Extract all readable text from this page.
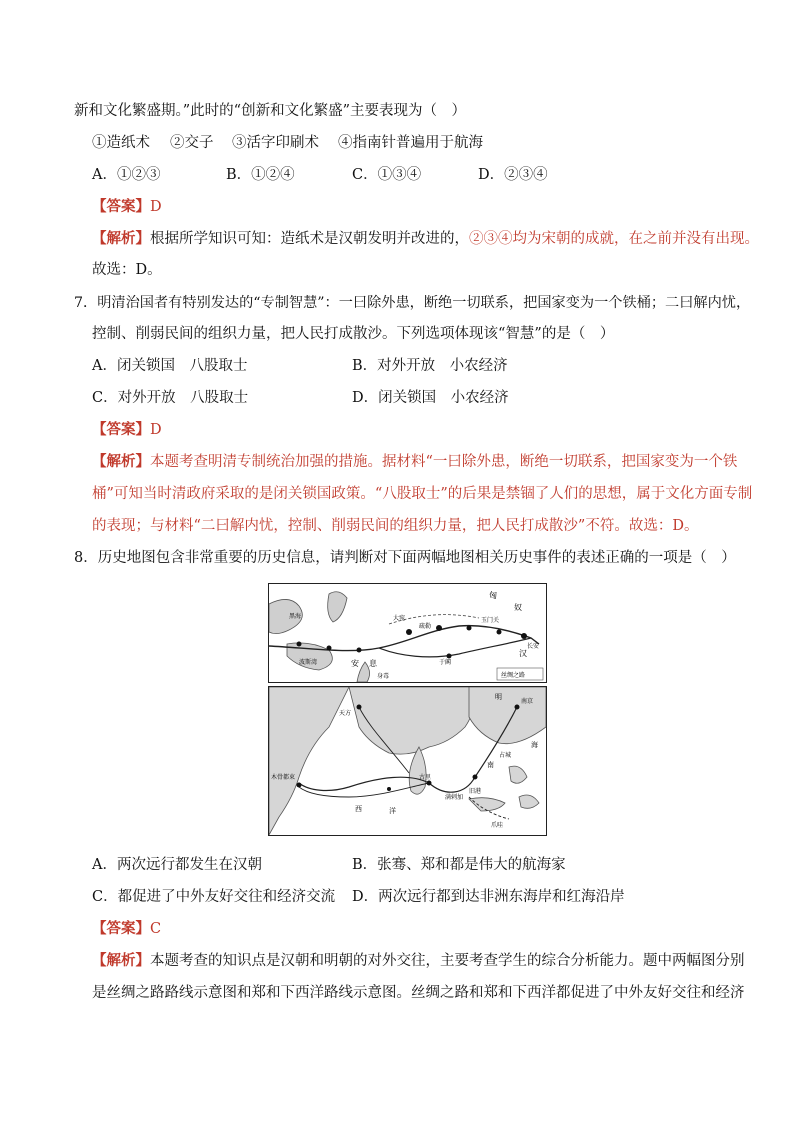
新和文化繁盛期。”此时的“创新和文化繁盛”主要表现为（　）
①造纸术 ②交子 ③活字印刷术 ④指南针普遍用于航海
A．①②③	B．①②④	C．①③④	D．②③④
【答案】D
【解析】根据所学知识可知：造纸术是汉朝发明并改进的，②③④均为宋朝的成就，在之前并没有出现。
故选：D。
7．明清治国者有特别发达的“专制智慧”：一曰除外患，断绝一切联系，把国家变为一个铁桶；二曰解内忧，
控制、削弱民间的组织力量，把人民打成散沙。下列选项体现该“智慧”的是（　）
A．闭关锁国　八股取士	B．对外开放　小农经济
C．对外开放　八股取士	D．闭关锁国　小农经济
【答案】D
【解析】本题考查明清专制统治加强的措施。据材料“一曰除外患，断绝一切联系，把国家变为一个铁
桶”可知当时清政府采取的是闭关锁国政策。“八股取士”的后果是禁锢了人们的思想，属于文化方面专制
的表现；与材料“二曰解内忧，控制、削弱民间的组织力量，把人民打成散沙”不符。故选：D。
8．历史地图包含非常重要的历史信息，请判断对下面两幅地图相关历史事件的表述正确的一项是（　）
匈
奴
安 息
汉
长安
丝绸之路
大宛
疏勒
于阗
玉门关
黑海
波斯湾
身毒
明
南京
天方
古里
木骨都束
西	洋
南
海
旧港
爪哇
满剌加
占城
A．两次远行都发生在汉朝	B．张骞、郑和都是伟大的航海家
C．都促进了中外友好交往和经济交流 D．两次远行都到达非洲东海岸和红海沿岸
【答案】C
【解析】本题考查的知识点是汉朝和明朝的对外交往，主要考查学生的综合分析能力。题中两幅图分别
是丝绸之路路线示意图和郑和下西洋路线示意图。丝绸之路和郑和下西洋都促进了中外友好交往和经济
